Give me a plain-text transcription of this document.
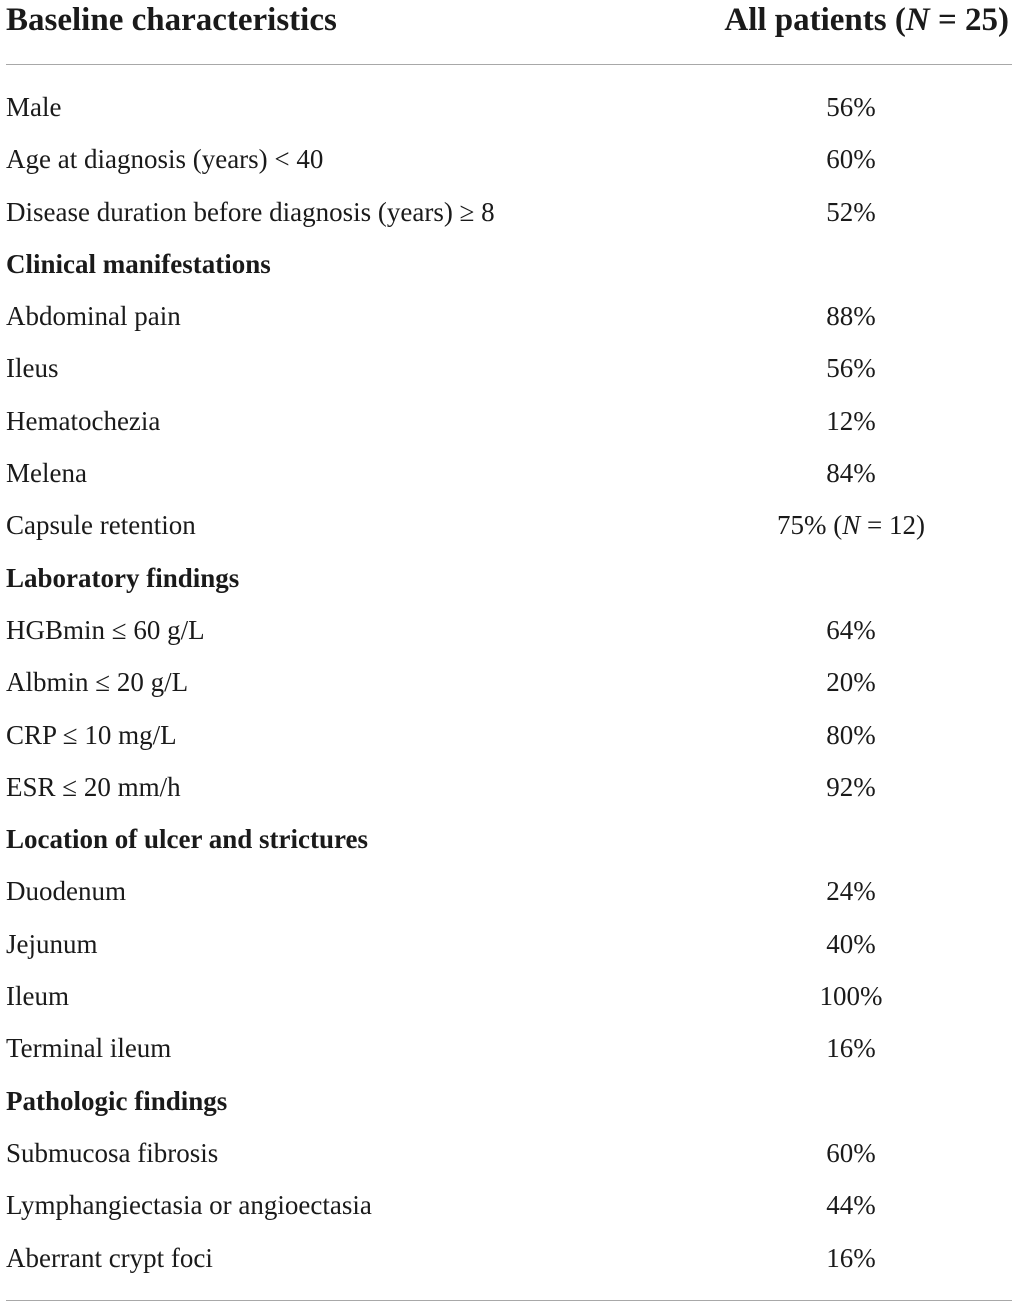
Baseline characteristics	All patients (N = 25)
Male	56%
Age at diagnosis (years) < 40	60%
Disease duration before diagnosis (years) ≥ 8	52%
Clinical manifestations
Abdominal pain	88%
Ileus	56%
Hematochezia	12%
Melena	84%
Capsule retention	75% (N = 12)
Laboratory findings
HGBmin ≤ 60 g/L	64%
Albmin ≤ 20 g/L	20%
CRP ≤ 10 mg/L	80%
ESR ≤ 20 mm/h	92%
Location of ulcer and strictures
Duodenum	24%
Jejunum	40%
Ileum	100%
Terminal ileum	16%
Pathologic findings
Submucosa fibrosis	60%
Lymphangiectasia or angioectasia	44%
Aberrant crypt foci	16%
